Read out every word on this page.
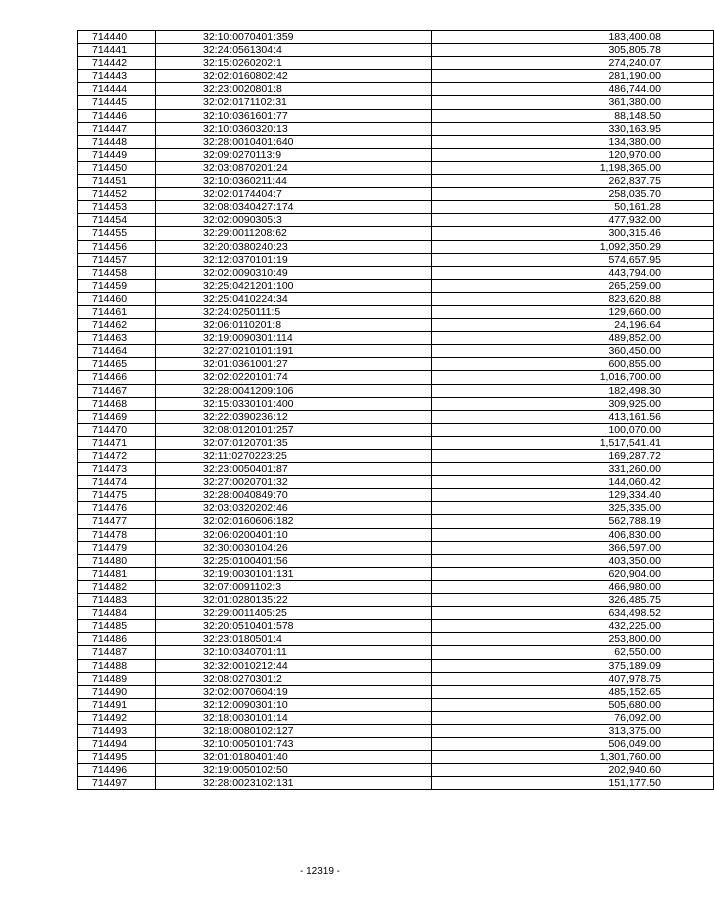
714440	32:10:0070401:359	183,400.08
714441	32:24:0561304:4	305,805.78
714442	32:15:0260202:1	274,240.07
714443	32:02:0160802:42	281,190.00
714444	32:23:0020801:8	486,744.00
714445	32:02:0171102:31	361,380.00
714446	32:10:0361601:77	88,148.50
714447	32:10:0360320:13	330,163.95
714448	32:28:0010401:640	134,380.00
714449	32:09:0270113:9	120,970.00
714450	32:03:0870201:24	1,198,365.00
714451	32:10:0360211:44	262,837.75
714452	32:02:0174404:7	258,035.70
714453	32:08:0340427:174	50,161.28
714454	32:02:0090305:3	477,932.00
714455	32:29:0011208:62	300,315.46
714456	32:20:0380240:23	1,092,350.29
714457	32:12:0370101:19	574,657.95
714458	32:02:0090310:49	443,794.00
714459	32:25:0421201:100	265,259.00
714460	32:25:0410224:34	823,620.88
714461	32:24:0250111:5	129,660.00
714462	32:06:0110201:8	24,196.64
714463	32:19:0090301:114	489,852.00
714464	32:27:0210101:191	360,450.00
714465	32:01:0361001:27	600,855.00
714466	32:02:0220101:74	1,016,700.00
714467	32:28:0041209:106	182,498.30
714468	32:15:0330101:400	309,925.00
714469	32:22:0390236:12	413,161.56
714470	32:08:0120101:257	100,070.00
714471	32:07:0120701:35	1,517,541.41
714472	32:11:0270223:25	169,287.72
714473	32:23:0050401:87	331,260.00
714474	32:27:0020701:32	144,060.42
714475	32:28:0040849:70	129,334.40
714476	32:03:0320202:46	325,335.00
714477	32:02:0160606:182	562,788.19
714478	32:06:0200401:10	406,830.00
714479	32:30:0030104:26	366,597.00
714480	32:25:0100401:56	403,350.00
714481	32:19:0030101:131	620,904.00
714482	32:07:0091102:3	466,980.00
714483	32:01:0280135:22	326,485.75
714484	32:29:0011405:25	634,498.52
714485	32:20:0510401:578	432,225.00
714486	32:23:0180501:4	253,800.00
714487	32:10:0340701:11	62,550.00
714488	32:32:0010212:44	375,189.09
714489	32:08:0270301:2	407,978.75
714490	32:02:0070604:19	485,152.65
714491	32:12:0090301:10	505,680.00
714492	32:18:0030101:14	76,092.00
714493	32:18:0080102:127	313,375.00
714494	32:10:0050101:743	506,049.00
714495	32:01:0180401:40	1,301,760.00
714496	32:19:0050102:50	202,940.60
714497	32:28:0023102:131	151,177.50
- 12319 -
